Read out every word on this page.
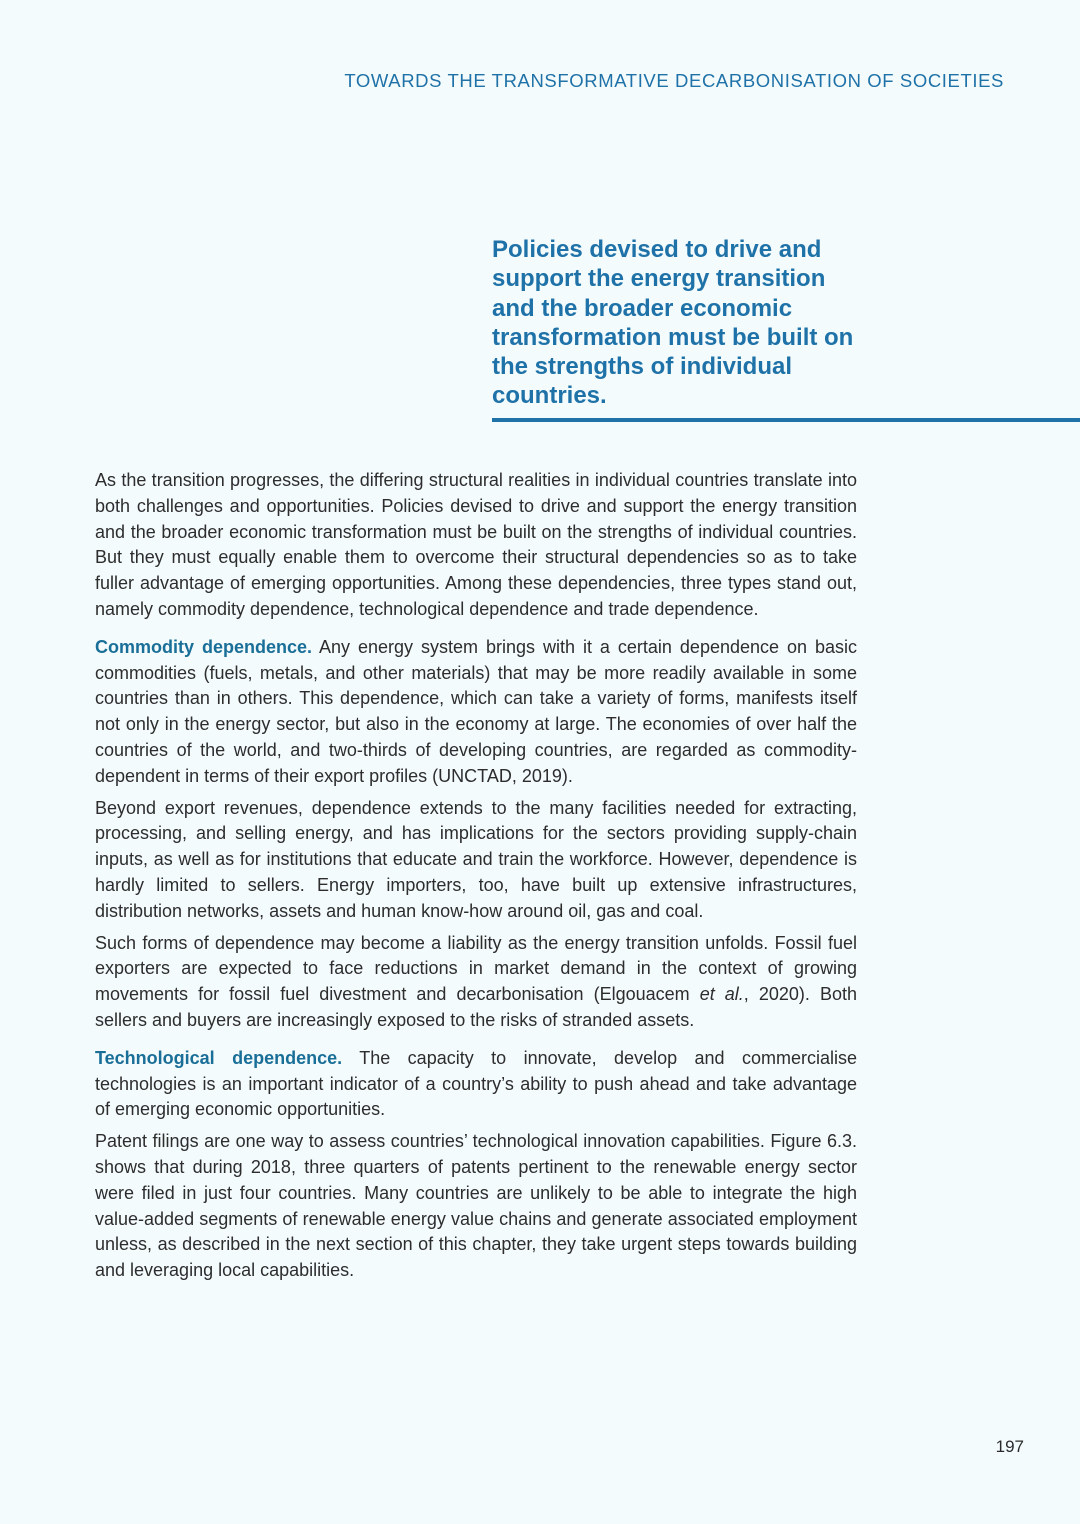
TOWARDS THE TRANSFORMATIVE DECARBONISATION OF SOCIETIES

Policies devised to drive and support the energy transition and the broader economic transformation must be built on the strengths of individual countries.

As the transition progresses, the differing structural realities in individual countries translate into both challenges and opportunities. Policies devised to drive and support the energy transition and the broader economic transformation must be built on the strengths of individual countries. But they must equally enable them to overcome their structural dependencies so as to take fuller advantage of emerging opportunities. Among these dependencies, three types stand out, namely commodity dependence, technological dependence and trade dependence.

Commodity dependence. Any energy system brings with it a certain dependence on basic commodities (fuels, metals, and other materials) that may be more readily available in some countries than in others. This dependence, which can take a variety of forms, manifests itself not only in the energy sector, but also in the economy at large. The economies of over half the countries of the world, and two-thirds of developing countries, are regarded as commodity-dependent in terms of their export profiles (UNCTAD, 2019).

Beyond export revenues, dependence extends to the many facilities needed for extracting, processing, and selling energy, and has implications for the sectors providing supply-chain inputs, as well as for institutions that educate and train the workforce. However, dependence is hardly limited to sellers. Energy importers, too, have built up extensive infrastructures, distribution networks, assets and human know-how around oil, gas and coal.

Such forms of dependence may become a liability as the energy transition unfolds. Fossil fuel exporters are expected to face reductions in market demand in the context of growing movements for fossil fuel divestment and decarbonisation (Elgouacem et al., 2020). Both sellers and buyers are increasingly exposed to the risks of stranded assets.

Technological dependence. The capacity to innovate, develop and commercialise technologies is an important indicator of a country’s ability to push ahead and take advantage of emerging economic opportunities.

Patent filings are one way to assess countries’ technological innovation capabilities. Figure 6.3. shows that during 2018, three quarters of patents pertinent to the renewable energy sector were filed in just four countries. Many countries are unlikely to be able to integrate the high value-added segments of renewable energy value chains and generate associated employment unless, as described in the next section of this chapter, they take urgent steps towards building and leveraging local capabilities.

197
